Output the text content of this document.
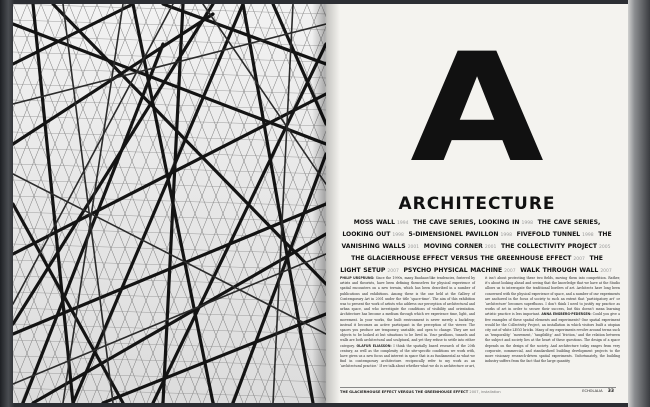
A
ARCHITECTURE
MOSS WALL 1994 THE CAVE SERIES, LOOKING IN 1998 THE CAVE SERIES, LOOKING OUT 1998 5-DIMENSIONEL PAVILLON 1998 FIVEFOLD TUNNEL 1998 THE VANISHING WALLS 2001 MOVING CORNER 2001 THE COLLECTIVITY PROJECT 2005 THE GLACIERHOUSE EFFECT VERSUS THE GREENHOUSE EFFECT 2007 THE LIGHT SETUP 2007 PSYCHO PHYSICAL MACHINE 2007 WALK THROUGH WALL 2007
PHILIP URSPRUNG: Since the 1990s, many Bauhaus-like tendencies, fostered by artists and theorists, have been defining themselves for physical experience of spatial encounters on a new terrain, which has been described in a number of publications and exhibitions. Among these is the one held at the Gallery of Contemporary Art in 2001 under the title ‘space-time’. The aim of this exhibition was to present the work of artists who address our perception of architectural and urban space, and who investigate the conditions of visibility and orientation. Architecture has become a medium through which we experience time, light, and movement. In your works, the built environment is never merely a backdrop; instead it becomes an active participant in the perception of the viewer. The spaces you produce are temporary, unstable, and open to change. They are not objects to be looked at but situations to be lived in. Your pavilions, tunnels and walls are both architectural and sculptural, and yet they refuse to settle into either category. OLAFUR ELIASSON: I think the spatially based research of the 20th century, as well as the complexity of the site-specific conditions we work with, have given us a new focus and interest in space that is as fundamental as what we find in contemporary architecture. reciprocally refer to my work as an ‘architectural practice.’ If we talk about whether what we do is architecture or art, it isn’t about protecting these two fields, moving them into competition. Rather, it’s about looking ahead and seeing that the knowledge that we have at the Studio allows us to interrogate the traditional borders of art. Architects have long been concerned with the physical experience of space, and a number of our experiments are anchored in the focus of society to such an extent that ‘participatory art’ or ‘architecture’ becomes superfluous. I don’t think I need to justify my practice as works of art in order to secure their success, but this doesn’t mean learning artistic practice is less important. ANNA ENGBERG-PEDERSEN: Could you give a few examples of these spatial elements and experiments? One spatial experiment would be the Collectivity Project, an installation in which visitors built a utopian city out of white LEGO bricks. Many of my experiments revolve around terms such as ‘temporality,’ ‘movement,’ ‘tangibility,’ and ‘friction,’ and the relation between the subject and society lies at the heart of these questions. The design of a space depends on the design of the society. And architecture today ranges from very corporate, commercial, and standardized building development projects to the more visionary research-driven spatial experiments. Unfortunately, the building industry suffers from the fact that the large quantity
THE GLACIERHOUSE EFFECT VERSUS THE GREENHOUSE EFFECT 2007, installation	ECHOLALIA 33
